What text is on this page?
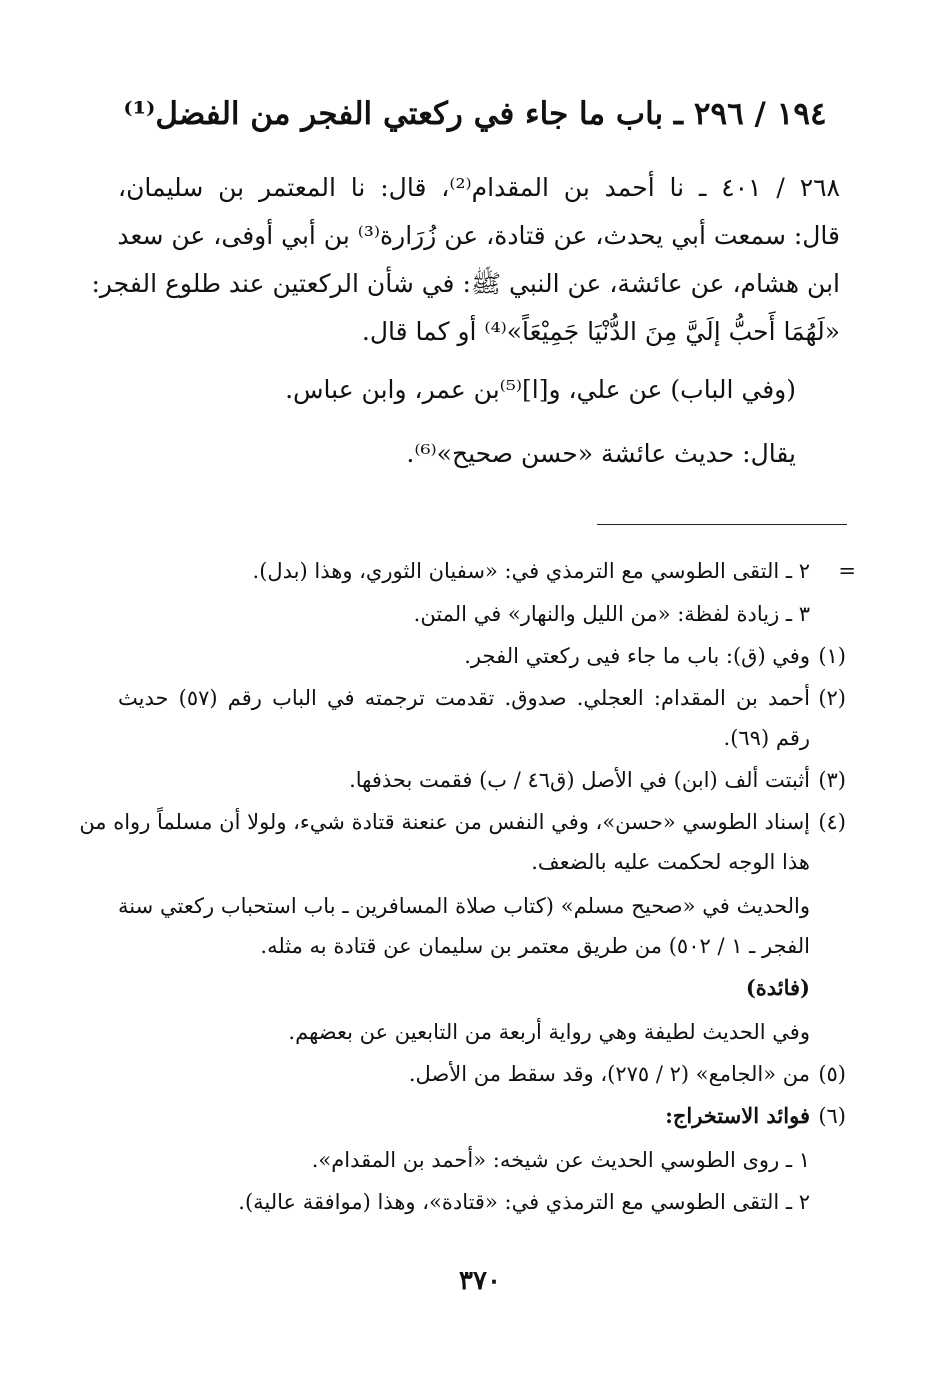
١٩٤ / ٢٩٦ ـ باب ما جاء في ركعتي الفجر من الفضل⁽¹⁾
٢٦٨ / ٤٠١ ـ نا أحمد بن المقدام⁽²⁾، قال: نا المعتمر بن سليمان،
قال: سمعت أبي يحدث، عن قتادة، عن زُرَارة⁽³⁾ بن أبي أوفى، عن سعد
ابن هشام، عن عائشة، عن النبي ﷺ: في شأن الركعتين عند طلوع الفجر:
«لَهُمَا أَحبُّ إلَيَّ مِنَ الدُّنْيَا جَمِيْعَاً»⁽⁴⁾ أو كما قال.
(وفي الباب) عن علي، و[ا]⁽⁵⁾بن عمر، وابن عباس.
يقال: حديث عائشة «حسن صحيح»⁽⁶⁾.
=
٢ ـ التقى الطوسي مع الترمذي في: «سفيان الثوري، وهذا (بدل).
٣ ـ زيادة لفظة: «من الليل والنهار» في المتن.
(١)
وفي (ق): باب ما جاء فيى ركعتي الفجر.
(٢)
أحمد بن المقدام: العجلي. صدوق. تقدمت ترجمته في الباب رقم (٥٧) حديث
رقم (٦٩).
(٣)
أثبتت ألف (ابن) في الأصل (ق٤٦ / ب) فقمت بحذفها.
(٤)
إسناد الطوسي «حسن»، وفي النفس من عنعنة قتادة شيء، ولولا أن مسلماً رواه من
هذا الوجه لحكمت عليه بالضعف.
والحديث في «صحيح مسلم» (كتاب صلاة المسافرين ـ باب استحباب ركعتي سنة
الفجر ـ ١ / ٥٠٢) من طريق معتمر بن سليمان عن قتادة به مثله.
(فائدة)
وفي الحديث لطيفة وهي رواية أربعة من التابعين عن بعضهم.
(٥)
من «الجامع» (٢ / ٢٧٥)، وقد سقط من الأصل.
(٦)
فوائد الاستخراج:
١ ـ روى الطوسي الحديث عن شيخه: «أحمد بن المقدام».
٢ ـ التقى الطوسي مع الترمذي في: «قتادة»، وهذا (موافقة عالية).
٣٧٠
